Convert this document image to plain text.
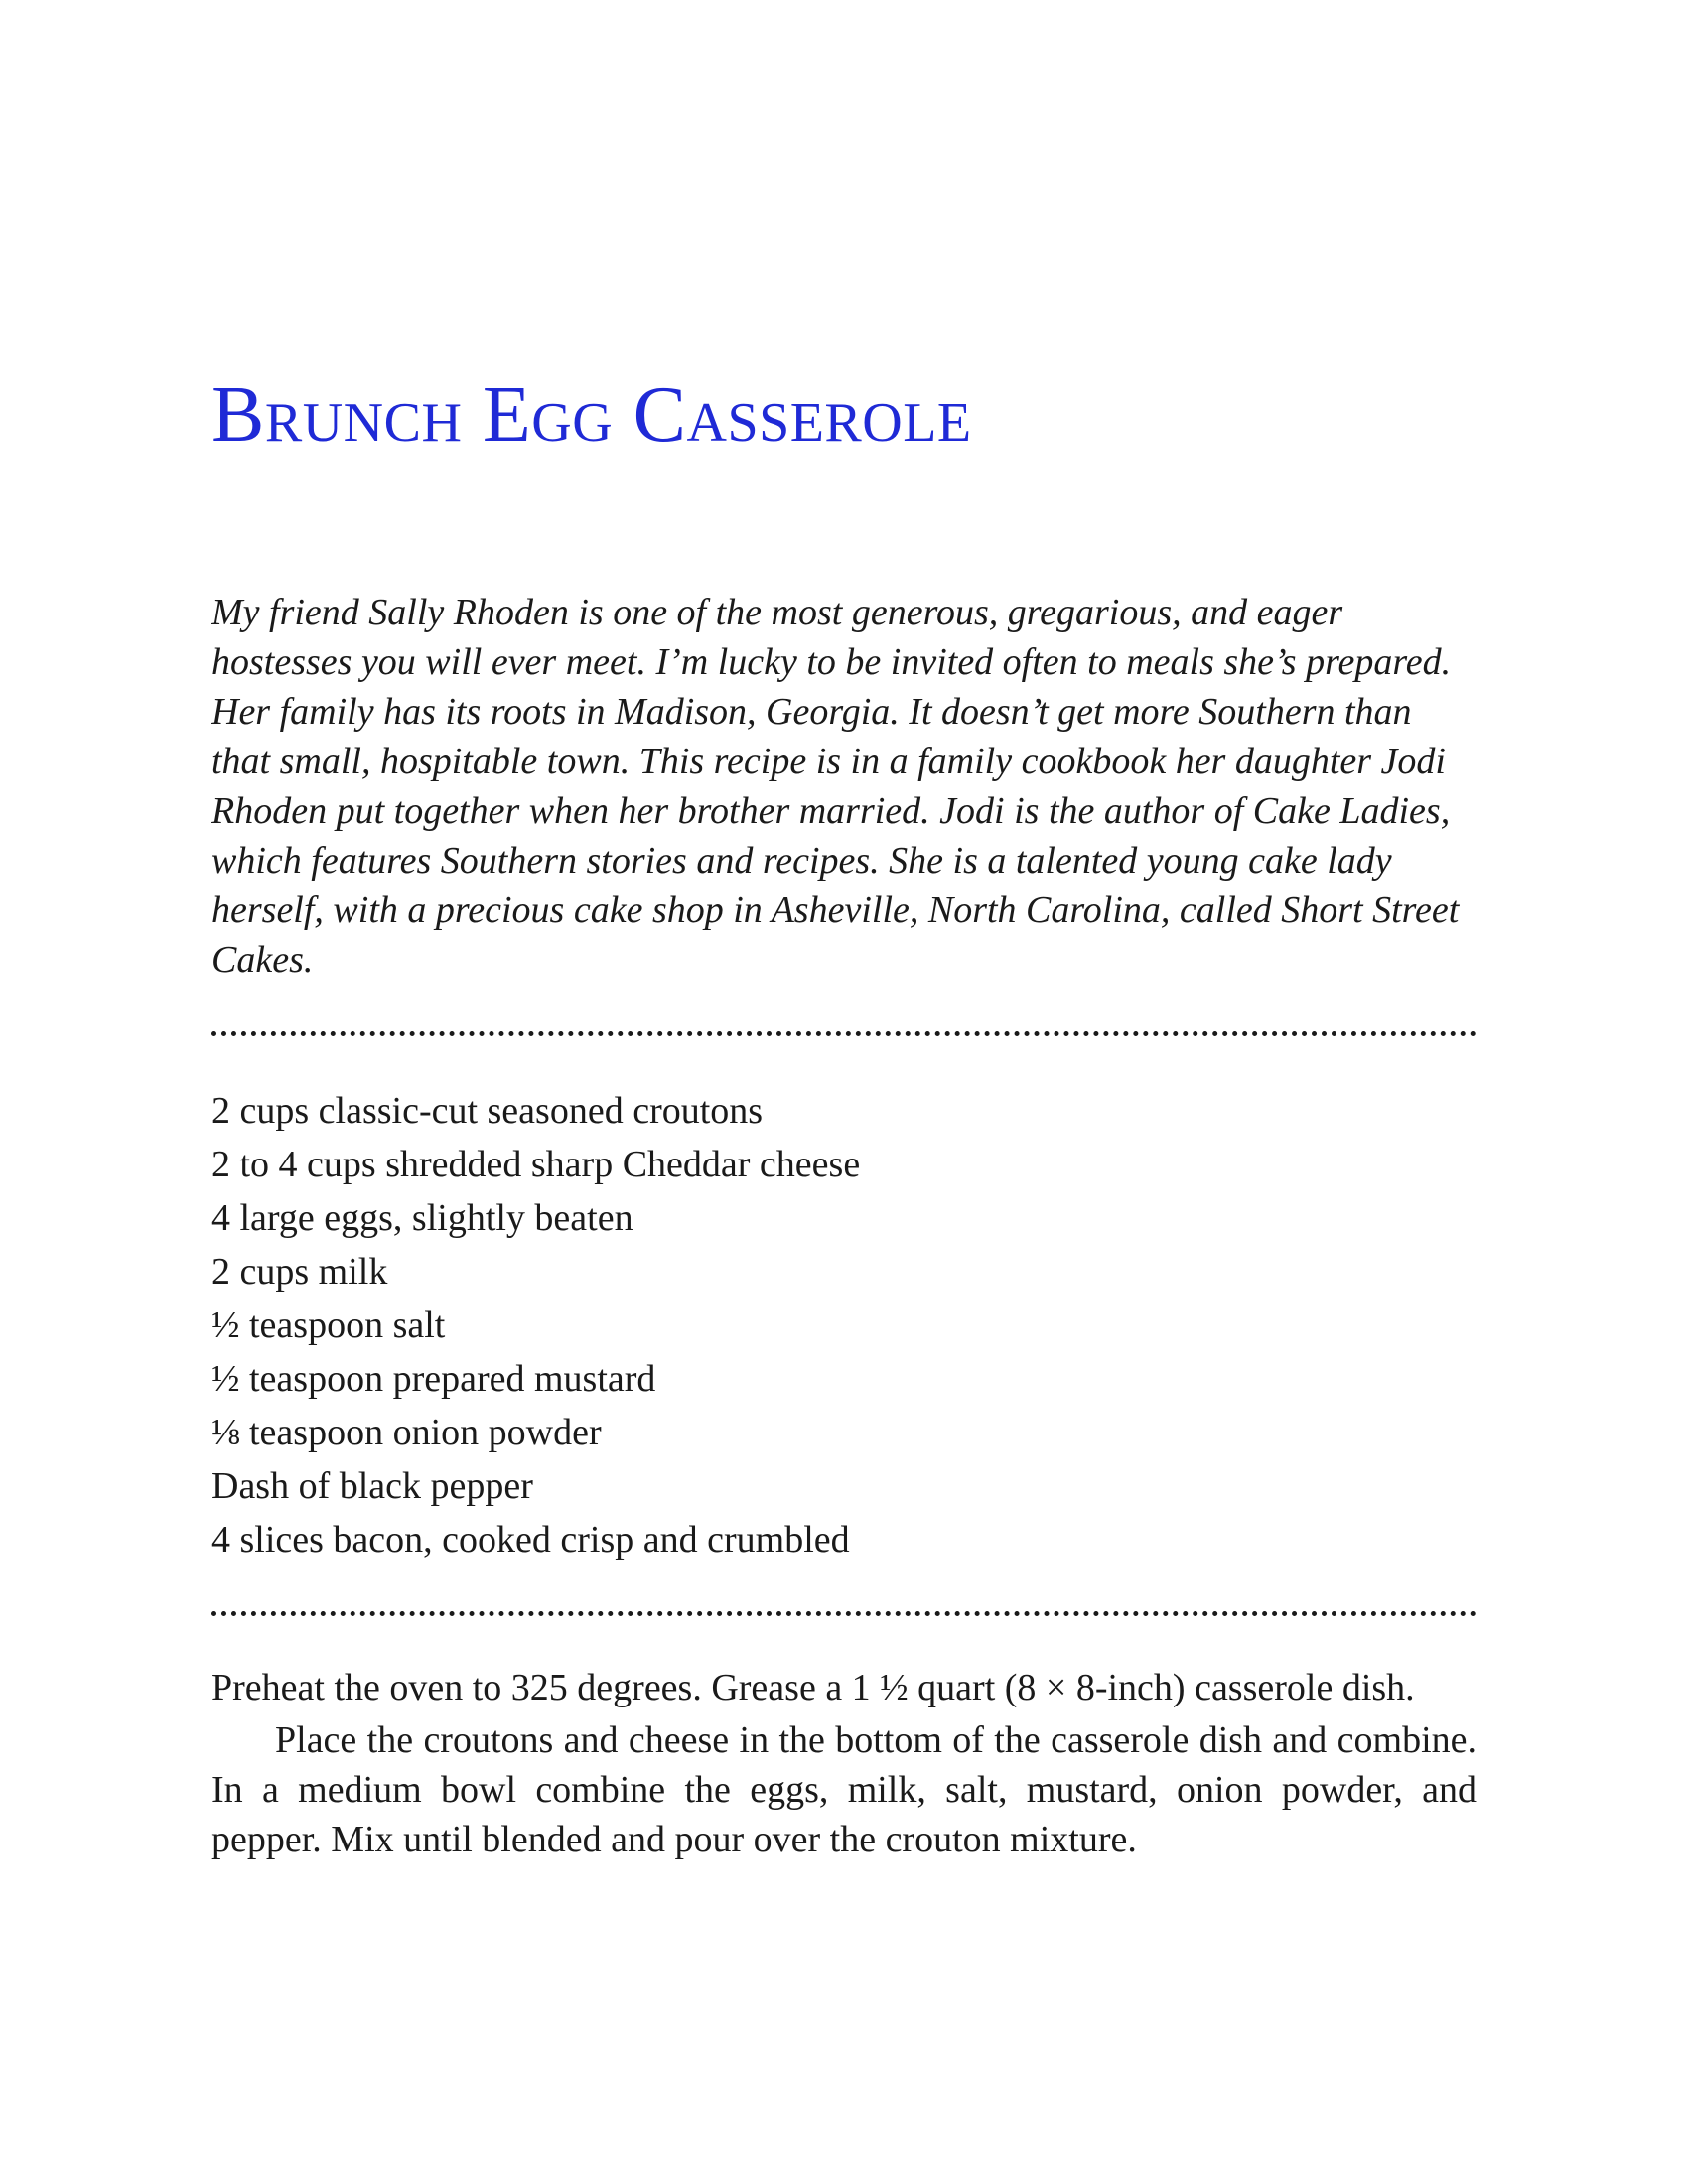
Brunch Egg Casserole

My friend Sally Rhoden is one of the most generous, gregarious, and eager hostesses you will ever meet. I’m lucky to be invited often to meals she’s prepared. Her family has its roots in Madison, Georgia. It doesn’t get more Southern than that small, hospitable town. This recipe is in a family cookbook her daughter Jodi Rhoden put together when her brother married. Jodi is the author of Cake Ladies, which features Southern stories and recipes. She is a talented young cake lady herself, with a precious cake shop in Asheville, North Carolina, called Short Street Cakes.

2 cups classic-cut seasoned croutons
2 to 4 cups shredded sharp Cheddar cheese
4 large eggs, slightly beaten
2 cups milk
½ teaspoon salt
½ teaspoon prepared mustard
⅛ teaspoon onion powder
Dash of black pepper
4 slices bacon, cooked crisp and crumbled

Preheat the oven to 325 degrees. Grease a 1 ½ quart (8 × 8-inch) casserole dish.

Place the croutons and cheese in the bottom of the casserole dish and combine. In a medium bowl combine the eggs, milk, salt, mustard, onion powder, and pepper. Mix until blended and pour over the crouton mixture.
